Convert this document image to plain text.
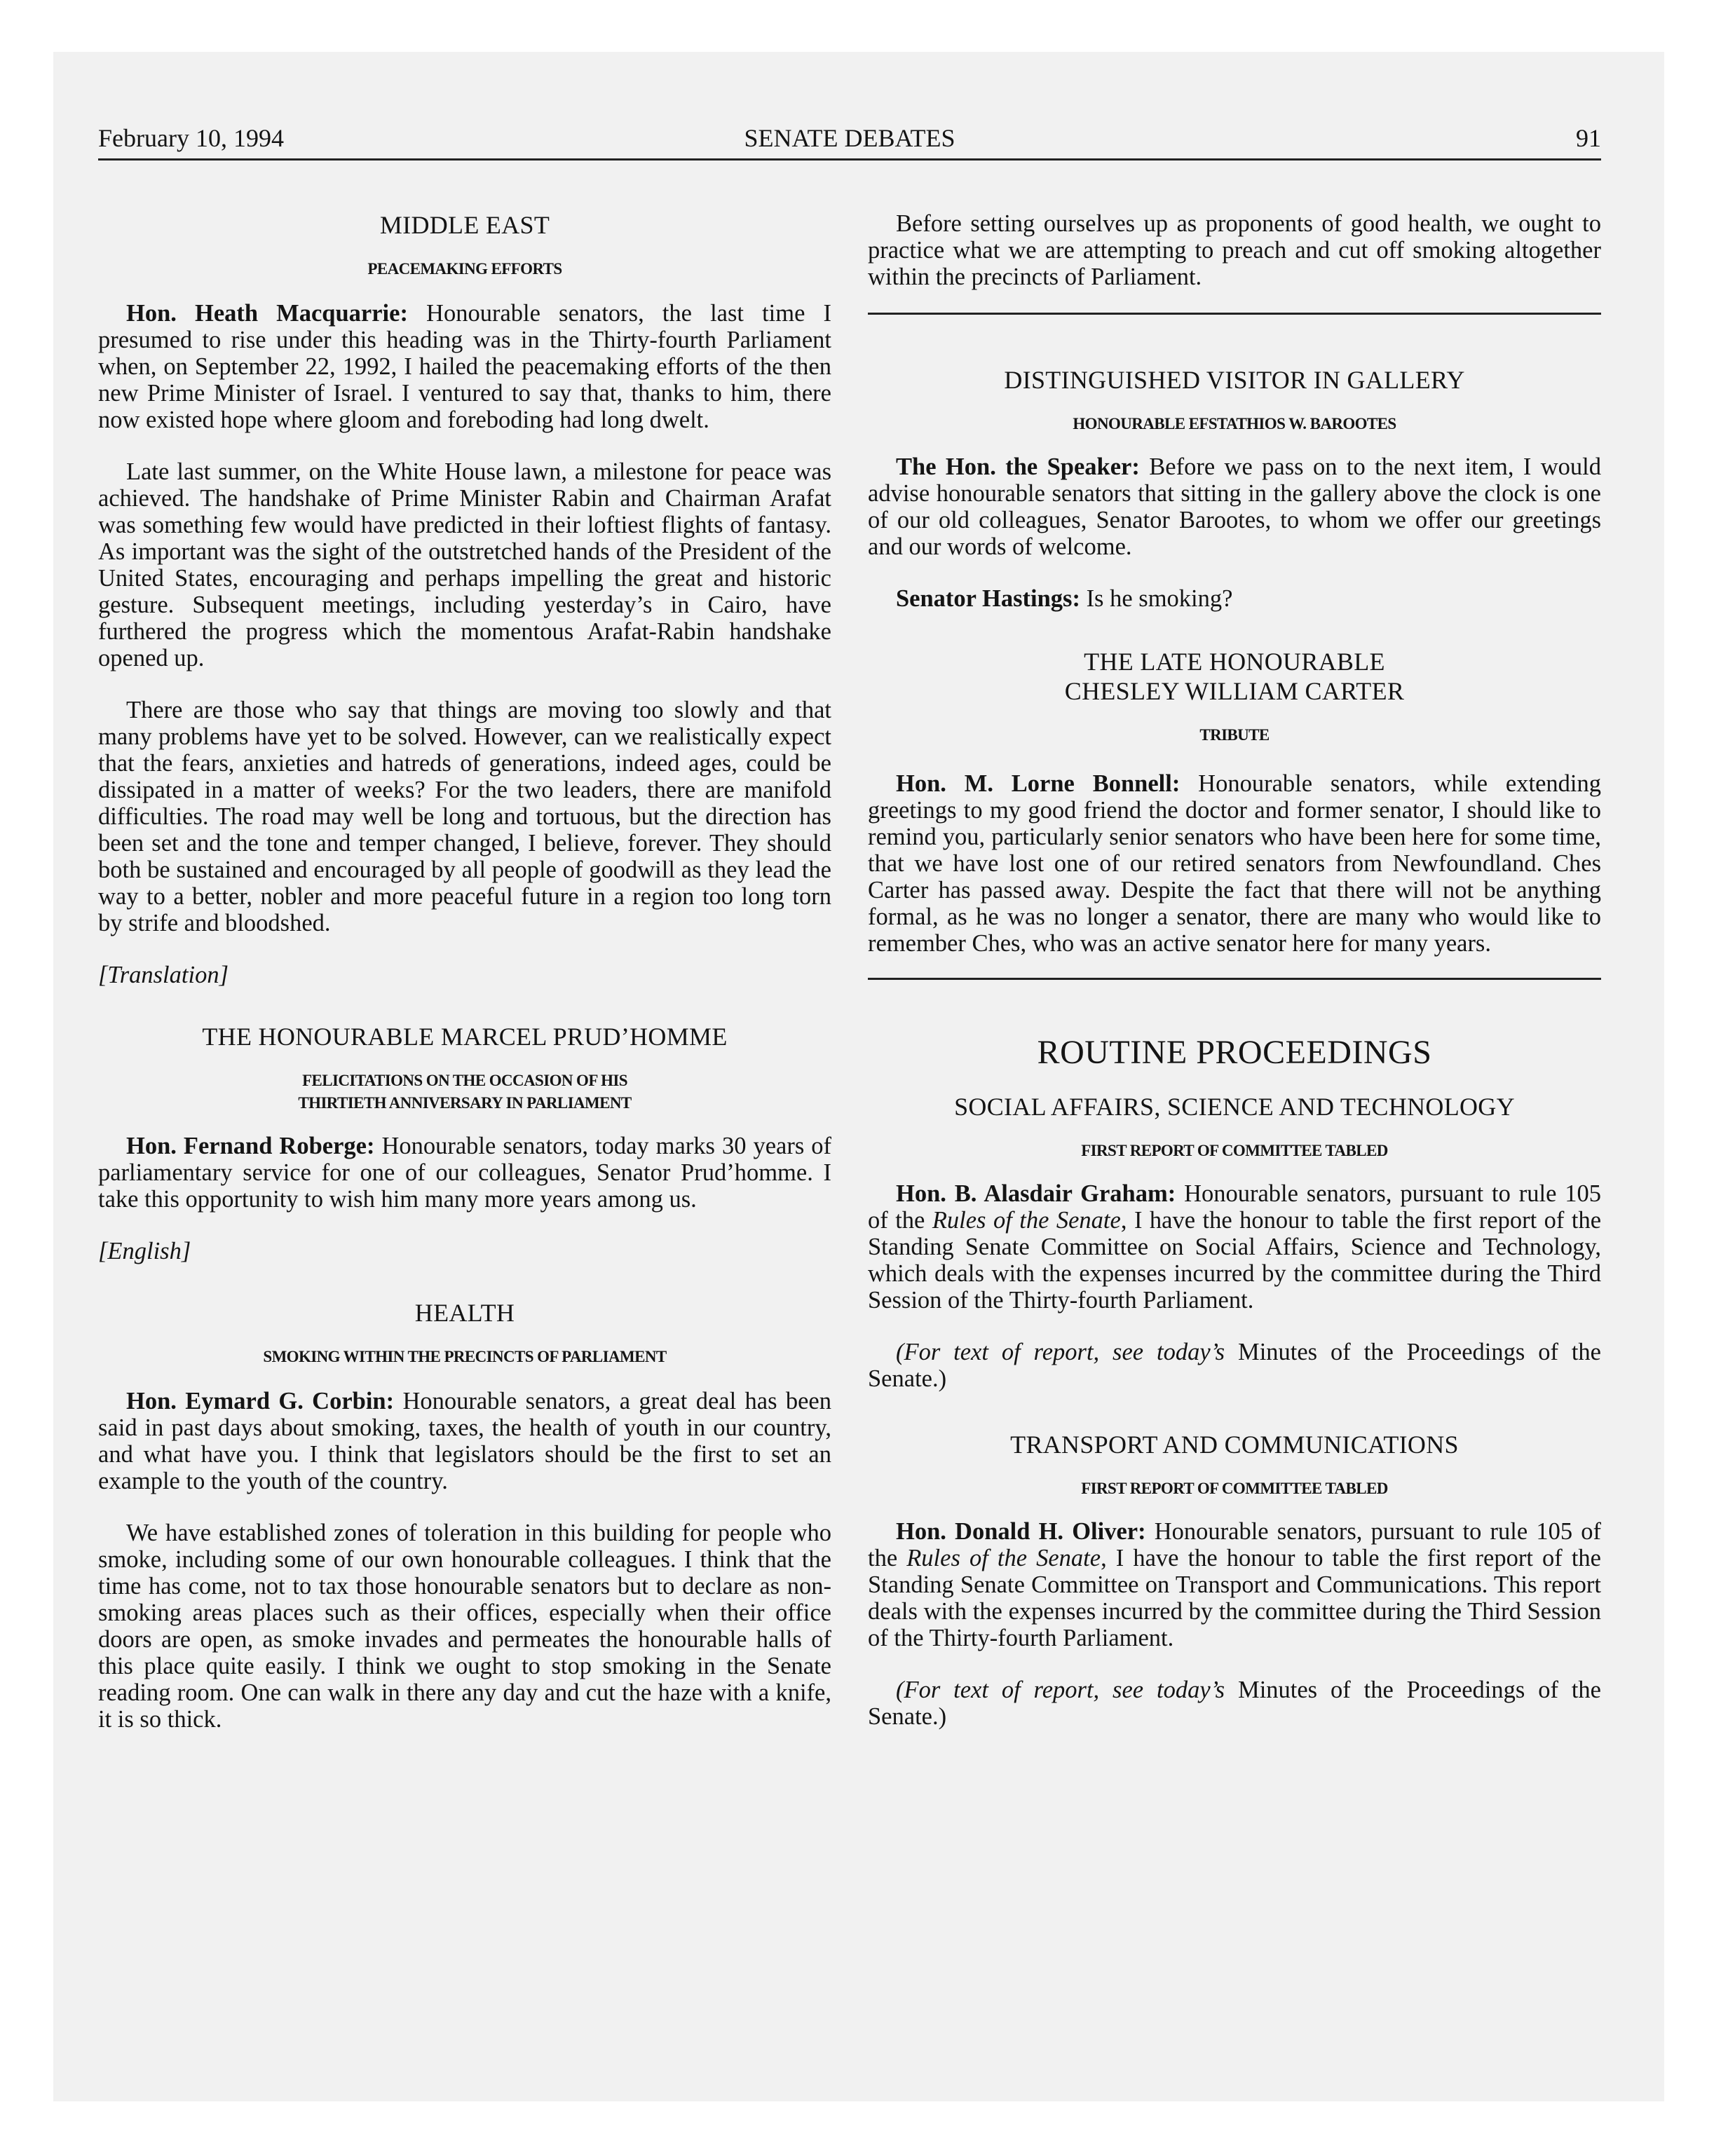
February 10, 1994	SENATE DEBATES	91
MIDDLE EAST
PEACEMAKING EFFORTS

Hon. Heath Macquarrie: Honourable senators, the last time I presumed to rise under this heading was in the Thirty-fourth Parliament when, on September 22, 1992, I hailed the peacemaking efforts of the then new Prime Minister of Israel. I ventured to say that, thanks to him, there now existed hope where gloom and foreboding had long dwelt.

Late last summer, on the White House lawn, a milestone for peace was achieved. The handshake of Prime Minister Rabin and Chairman Arafat was something few would have predicted in their loftiest flights of fantasy. As important was the sight of the outstretched hands of the President of the United States, encouraging and perhaps impelling the great and historic gesture. Subsequent meetings, including yesterday’s in Cairo, have furthered the progress which the momentous Arafat-Rabin handshake opened up.

There are those who say that things are moving too slowly and that many problems have yet to be solved. However, can we realistically expect that the fears, anxieties and hatreds of generations, indeed ages, could be dissipated in a matter of weeks? For the two leaders, there are manifold difficulties. The road may well be long and tortuous, but the direction has been set and the tone and temper changed, I believe, forever. They should both be sustained and encouraged by all people of goodwill as they lead the way to a better, nobler and more peaceful future in a region too long torn by strife and bloodshed.

[Translation]

THE HONOURABLE MARCEL PRUD’HOMME
FELICITATIONS ON THE OCCASION OF HIS
THIRTIETH ANNIVERSARY IN PARLIAMENT

Hon. Fernand Roberge: Honourable senators, today marks 30 years of parliamentary service for one of our colleagues, Senator Prud’homme. I take this opportunity to wish him many more years among us.

[English]

HEALTH
SMOKING WITHIN THE PRECINCTS OF PARLIAMENT

Hon. Eymard G. Corbin: Honourable senators, a great deal has been said in past days about smoking, taxes, the health of youth in our country, and what have you. I think that legislators should be the first to set an example to the youth of the country.

We have established zones of toleration in this building for people who smoke, including some of our own honourable colleagues. I think that the time has come, not to tax those honourable senators but to declare as non-smoking areas places such as their offices, especially when their office doors are open, as smoke invades and permeates the honourable halls of this place quite easily. I think we ought to stop smoking in the Senate reading room. One can walk in there any day and cut the haze with a knife, it is so thick.

Before setting ourselves up as proponents of good health, we ought to practice what we are attempting to preach and cut off smoking altogether within the precincts of Parliament.

DISTINGUISHED VISITOR IN GALLERY
HONOURABLE EFSTATHIOS W. BAROOTES

The Hon. the Speaker: Before we pass on to the next item, I would advise honourable senators that sitting in the gallery above the clock is one of our old colleagues, Senator Barootes, to whom we offer our greetings and our words of welcome.

Senator Hastings: Is he smoking?

THE LATE HONOURABLE
CHESLEY WILLIAM CARTER
TRIBUTE

Hon. M. Lorne Bonnell: Honourable senators, while extending greetings to my good friend the doctor and former senator, I should like to remind you, particularly senior senators who have been here for some time, that we have lost one of our retired senators from Newfoundland. Ches Carter has passed away. Despite the fact that there will not be anything formal, as he was no longer a senator, there are many who would like to remember Ches, who was an active senator here for many years.

ROUTINE PROCEEDINGS
SOCIAL AFFAIRS, SCIENCE AND TECHNOLOGY
FIRST REPORT OF COMMITTEE TABLED

Hon. B. Alasdair Graham: Honourable senators, pursuant to rule 105 of the Rules of the Senate, I have the honour to table the first report of the Standing Senate Committee on Social Affairs, Science and Technology, which deals with the expenses incurred by the committee during the Third Session of the Thirty-fourth Parliament.

(For text of report, see today’s Minutes of the Proceedings of the Senate.)

TRANSPORT AND COMMUNICATIONS
FIRST REPORT OF COMMITTEE TABLED

Hon. Donald H. Oliver: Honourable senators, pursuant to rule 105 of the Rules of the Senate, I have the honour to table the first report of the Standing Senate Committee on Transport and Communications. This report deals with the expenses incurred by the committee during the Third Session of the Thirty-fourth Parliament.

(For text of report, see today’s Minutes of the Proceedings of the Senate.)
